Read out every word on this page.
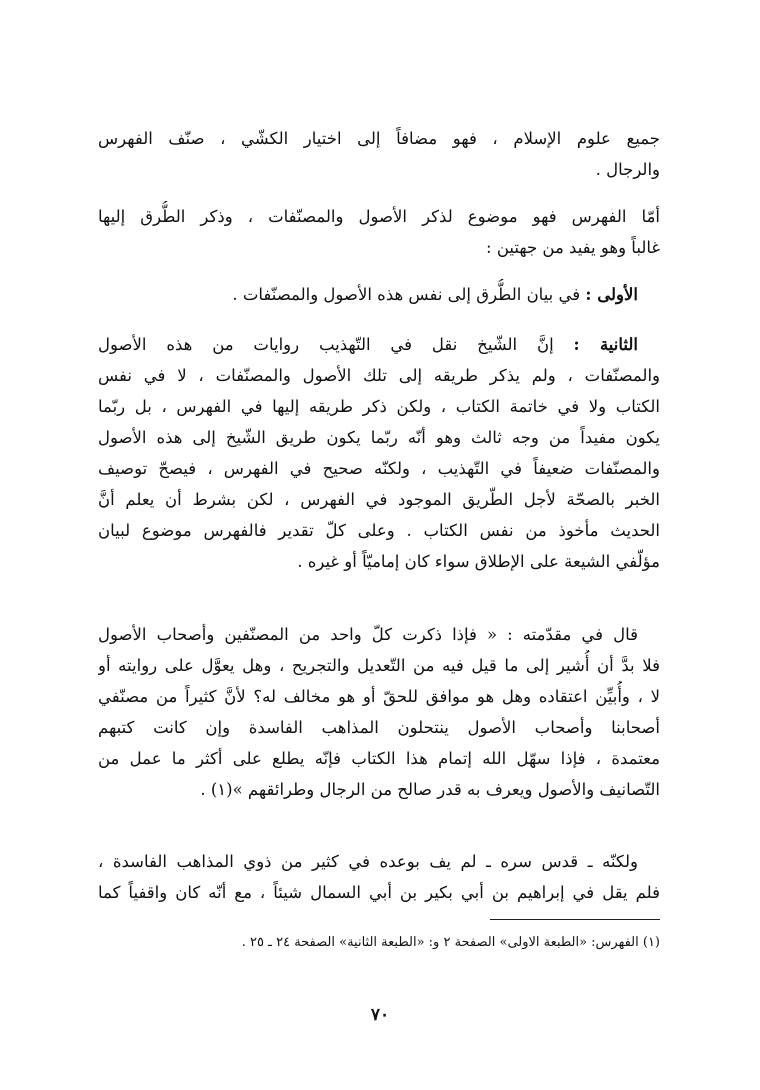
جميع علوم الإسلام ، فهو مضافاً إلى اختيار الكشّي ، صنّف الفهرس
والرجال .
أمّا الفهرس فهو موضوع لذكر الأصول والمصنّفات ، وذكر الطُّرق إليها
غالباً وهو يفيد من جهتين :
الأولى : في بيان الطُّرق إلى نفس هذه الأصول والمصنّفات .
الثانية : إنَّ الشّيخ نقل في التّهذيب روايات من هذه الأصول
والمصنّفات ، ولم يذكر طريقه إلى تلك الأصول والمصنّفات ، لا في نفس
الكتاب ولا في خاتمة الكتاب ، ولكن ذكر طريقه إليها في الفهرس ، بل ربّما
يكون مفيداً من وجه ثالث وهو أنّه ربّما يكون طريق الشّيخ إلى هذه الأصول
والمصنّفات ضعيفاً في التّهذيب ، ولكنّه صحيح في الفهرس ، فيصحّ توصيف
الخبر بالصحّة لأجل الطّريق الموجود في الفهرس ، لكن بشرط أن يعلم أنَّ
الحديث مأخوذ من نفس الكتاب . وعلى كلّ تقدير فالفهرس موضوع لبيان
مؤلّفي الشيعة على الإطلاق سواء كان إماميّاً أو غيره .
قال في مقدّمته : « فإذا ذكرت كلّ واحد من المصنّفين وأصحاب الأصول
فلا بدَّ أن أُشير إلى ما قيل فيه من التّعديل والتجريح ، وهل يعوَّل على روايته أو
لا ، وأُبيِّن اعتقاده وهل هو موافق للحقّ أو هو مخالف له؟ لأنَّ كثيراً من مصنّفي
أصحابنا وأصحاب الأصول ينتحلون المذاهب الفاسدة وإن كانت كتبهم
معتمدة ، فإذا سهّل الله إتمام هذا الكتاب فإنّه يطلع على أكثر ما عمل من
التّصانيف والأصول ويعرف به قدر صالح من الرجال وطرائقهم »(١) .
ولكنّه ـ قدس سره ـ لم يف بوعده في كثير من ذوي المذاهب الفاسدة ،
فلم يقل في إبراهيم بن أبي بكير بن أبي السمال شيئاً ، مع أنّه كان واقفياً كما
(١) الفهرس: «الطبعة الاولى» الصفحة ٢ و: «الطبعة الثانية» الصفحة ٢٤ ـ ٢٥ .
٧٠
